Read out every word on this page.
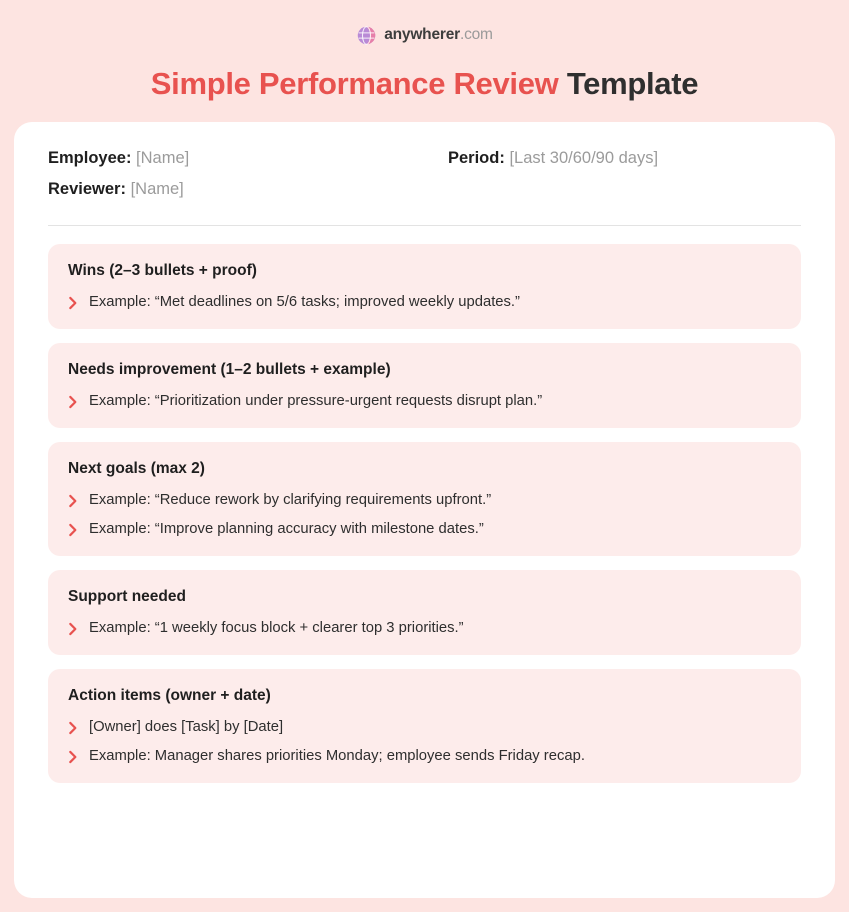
anywherer.com
Simple Performance Review Template
Employee: [Name]	Period: [Last 30/60/90 days]
Reviewer: [Name]
Wins (2–3 bullets + proof)
Example: “Met deadlines on 5/6 tasks; improved weekly updates.”
Needs improvement (1–2 bullets + example)
Example: “Prioritization under pressure-urgent requests disrupt plan.”
Next goals (max 2)
Example: “Reduce rework by clarifying requirements upfront.”
Example: “Improve planning accuracy with milestone dates.”
Support needed
Example: “1 weekly focus block + clearer top 3 priorities.”
Action items (owner + date)
[Owner] does [Task] by [Date]
Example: Manager shares priorities Monday; employee sends Friday recap.
